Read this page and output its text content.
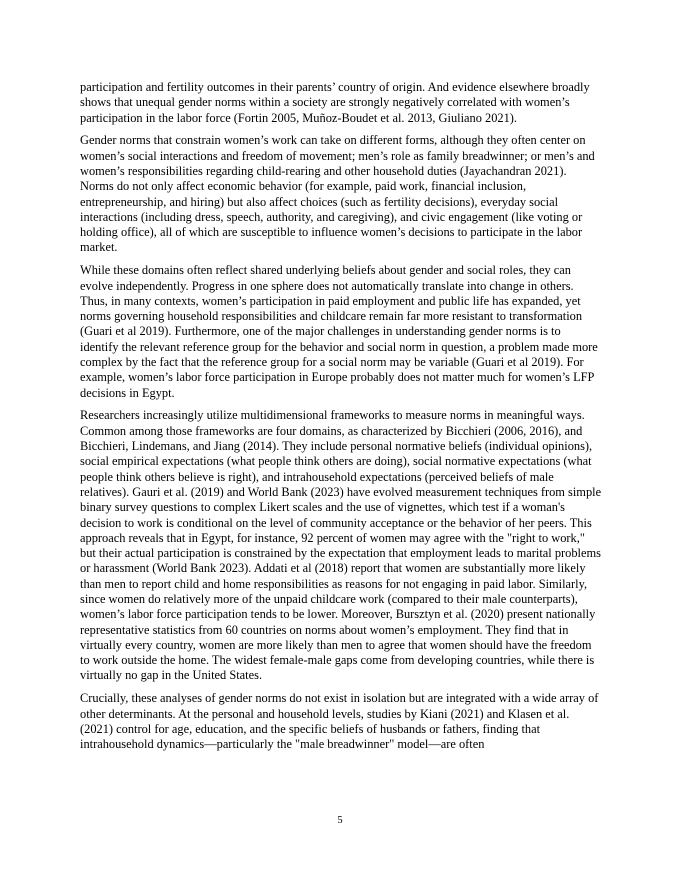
participation and fertility outcomes in their parents’ country of origin. And evidence elsewhere broadly shows that unequal gender norms within a society are strongly negatively correlated with women’s participation in the labor force (Fortin 2005, Muñoz-Boudet et al. 2013, Giuliano 2021).

Gender norms that constrain women’s work can take on different forms, although they often center on women’s social interactions and freedom of movement; men’s role as family breadwinner; or men’s and women’s responsibilities regarding child-rearing and other household duties (Jayachandran 2021). Norms do not only affect economic behavior (for example, paid work, financial inclusion, entrepreneurship, and hiring) but also affect choices (such as fertility decisions), everyday social interactions (including dress, speech, authority, and caregiving), and civic engagement (like voting or holding office), all of which are susceptible to influence women’s decisions to participate in the labor market.

While these domains often reflect shared underlying beliefs about gender and social roles, they can evolve independently. Progress in one sphere does not automatically translate into change in others. Thus, in many contexts, women’s participation in paid employment and public life has expanded, yet norms governing household responsibilities and childcare remain far more resistant to transformation (Guari et al 2019). Furthermore, one of the major challenges in understanding gender norms is to identify the relevant reference group for the behavior and social norm in question, a problem made more complex by the fact that the reference group for a social norm may be variable (Guari et al 2019). For example, women’s labor force participation in Europe probably does not matter much for women’s LFP decisions in Egypt.

Researchers increasingly utilize multidimensional frameworks to measure norms in meaningful ways. Common among those frameworks are four domains, as characterized by Bicchieri (2006, 2016), and Bicchieri, Lindemans, and Jiang (2014). They include personal normative beliefs (individual opinions), social empirical expectations (what people think others are doing), social normative expectations (what people think others believe is right), and intrahousehold expectations (perceived beliefs of male relatives). Gauri et al. (2019) and World Bank (2023) have evolved measurement techniques from simple binary survey questions to complex Likert scales and the use of vignettes, which test if a woman's decision to work is conditional on the level of community acceptance or the behavior of her peers. This approach reveals that in Egypt, for instance, 92 percent of women may agree with the "right to work," but their actual participation is constrained by the expectation that employment leads to marital problems or harassment (World Bank 2023). Addati et al (2018) report that women are substantially more likely than men to report child and home responsibilities as reasons for not engaging in paid labor. Similarly, since women do relatively more of the unpaid childcare work (compared to their male counterparts), women’s labor force participation tends to be lower. Moreover, Bursztyn et al. (2020) present nationally representative statistics from 60 countries on norms about women’s employment. They find that in virtually every country, women are more likely than men to agree that women should have the freedom to work outside the home. The widest female-male gaps come from developing countries, while there is virtually no gap in the United States.

Crucially, these analyses of gender norms do not exist in isolation but are integrated with a wide array of other determinants. At the personal and household levels, studies by Kiani (2021) and Klasen et al. (2021) control for age, education, and the specific beliefs of husbands or fathers, finding that intrahousehold dynamics—particularly the "male breadwinner" model—are often

5
